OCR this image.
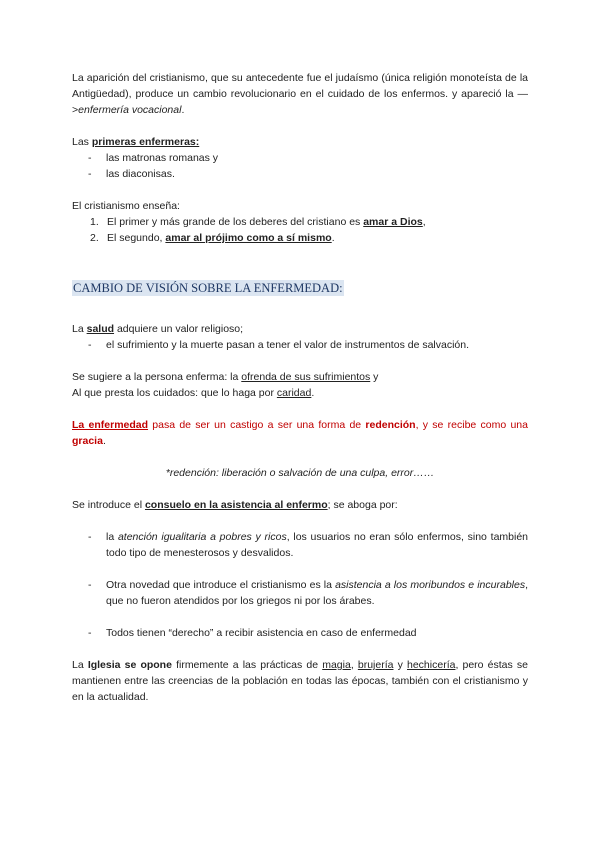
La aparición del cristianismo, que su antecedente fue el judaísmo (única religión monoteísta de la Antigüedad), produce un cambio revolucionario en el cuidado de los enfermos. y apareció la —>enfermería vocacional.

Las primeras enfermeras:

-	las matronas romanas y
-	las diaconisas.

El cristianismo enseña:

1. El primer y más grande de los deberes del cristiano es amar a Dios,
2. El segundo, amar al prójimo como a sí mismo.
CAMBIO DE VISIÓN SOBRE LA ENFERMEDAD:

La salud adquiere un valor religioso;

-	el sufrimiento y la muerte pasan a tener el valor de instrumentos de salvación.

Se sugiere a la persona enferma: la ofrenda de sus sufrimientos y

Al que presta los cuidados: que lo haga por caridad.

La enfermedad pasa de ser un castigo a ser una forma de redención, y se recibe como una gracia.

*redención: liberación o salvación de una culpa, error……

Se introduce el consuelo en la asistencia al enfermo; se aboga por:

-	la atención igualitaria a pobres y ricos, los usuarios no eran sólo enfermos, sino también todo tipo de menesterosos y desvalidos.
-	Otra novedad que introduce el cristianismo es la asistencia a los moribundos e incurables, que no fueron atendidos por los griegos ni por los árabes.
-	Todos tienen “derecho” a recibir asistencia en caso de enfermedad

La Iglesia se opone firmemente a las prácticas de magia, brujería y hechicería, pero éstas se mantienen entre las creencias de la población en todas las épocas, también con el cristianismo y en la actualidad.
